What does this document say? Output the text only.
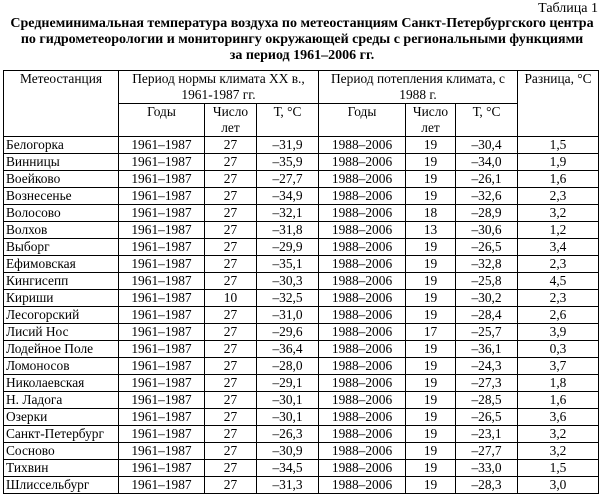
Таблица 1
Среднеминимальная температура воздуха по метеостанциям Санкт-Петербургского центра
по гидрометеорологии и мониторингу окружающей среды с региональными функциями
за период 1961–2006 гг.
Метеостанция	Период нормы климата ХХ в., 1961-1987 гг.			Период потепления климата, с 1988 г.			Разница, °С
	Годы	Число лет	Т, °С	Годы	Число лет	Т, °С	
Белогорка	1961–1987	27	–31,9	1988–2006	19	–30,4	1,5
Винницы	1961–1987	27	–35,9	1988–2006	19	–34,0	1,9
Воейково	1961–1987	27	–27,7	1988–2006	19	–26,1	1,6
Вознесенье	1961–1987	27	–34,9	1988–2006	19	–32,6	2,3
Волосово	1961–1987	27	–32,1	1988–2006	18	–28,9	3,2
Волхов	1961–1987	27	–31,8	1988–2006	13	–30,6	1,2
Выборг	1961–1987	27	–29,9	1988–2006	19	–26,5	3,4
Ефимовская	1961–1987	27	–35,1	1988–2006	19	–32,8	2,3
Кингисепп	1961–1987	27	–30,3	1988–2006	19	–25,8	4,5
Кириши	1961–1987	10	–32,5	1988–2006	19	–30,2	2,3
Лесогорский	1961–1987	27	–31,0	1988–2006	19	–28,4	2,6
Лисий Нос	1961–1987	27	–29,6	1988–2006	17	–25,7	3,9
Лодейное Поле	1961–1987	27	–36,4	1988–2006	19	–36,1	0,3
Ломоносов	1961–1987	27	–28,0	1988–2006	19	–24,3	3,7
Николаевская	1961–1987	27	–29,1	1988–2006	19	–27,3	1,8
Н. Ладога	1961–1987	27	–30,1	1988–2006	19	–28,5	1,6
Озерки	1961–1987	27	–30,1	1988–2006	19	–26,5	3,6
Санкт-Петербург	1961–1987	27	–26,3	1988–2006	19	–23,1	3,2
Сосново	1961–1987	27	–30,9	1988–2006	19	–27,7	3,2
Тихвин	1961–1987	27	–34,5	1988–2006	19	–33,0	1,5
Шлиссельбург	1961–1987	27	–31,3	1988–2006	19	–28,3	3,0
